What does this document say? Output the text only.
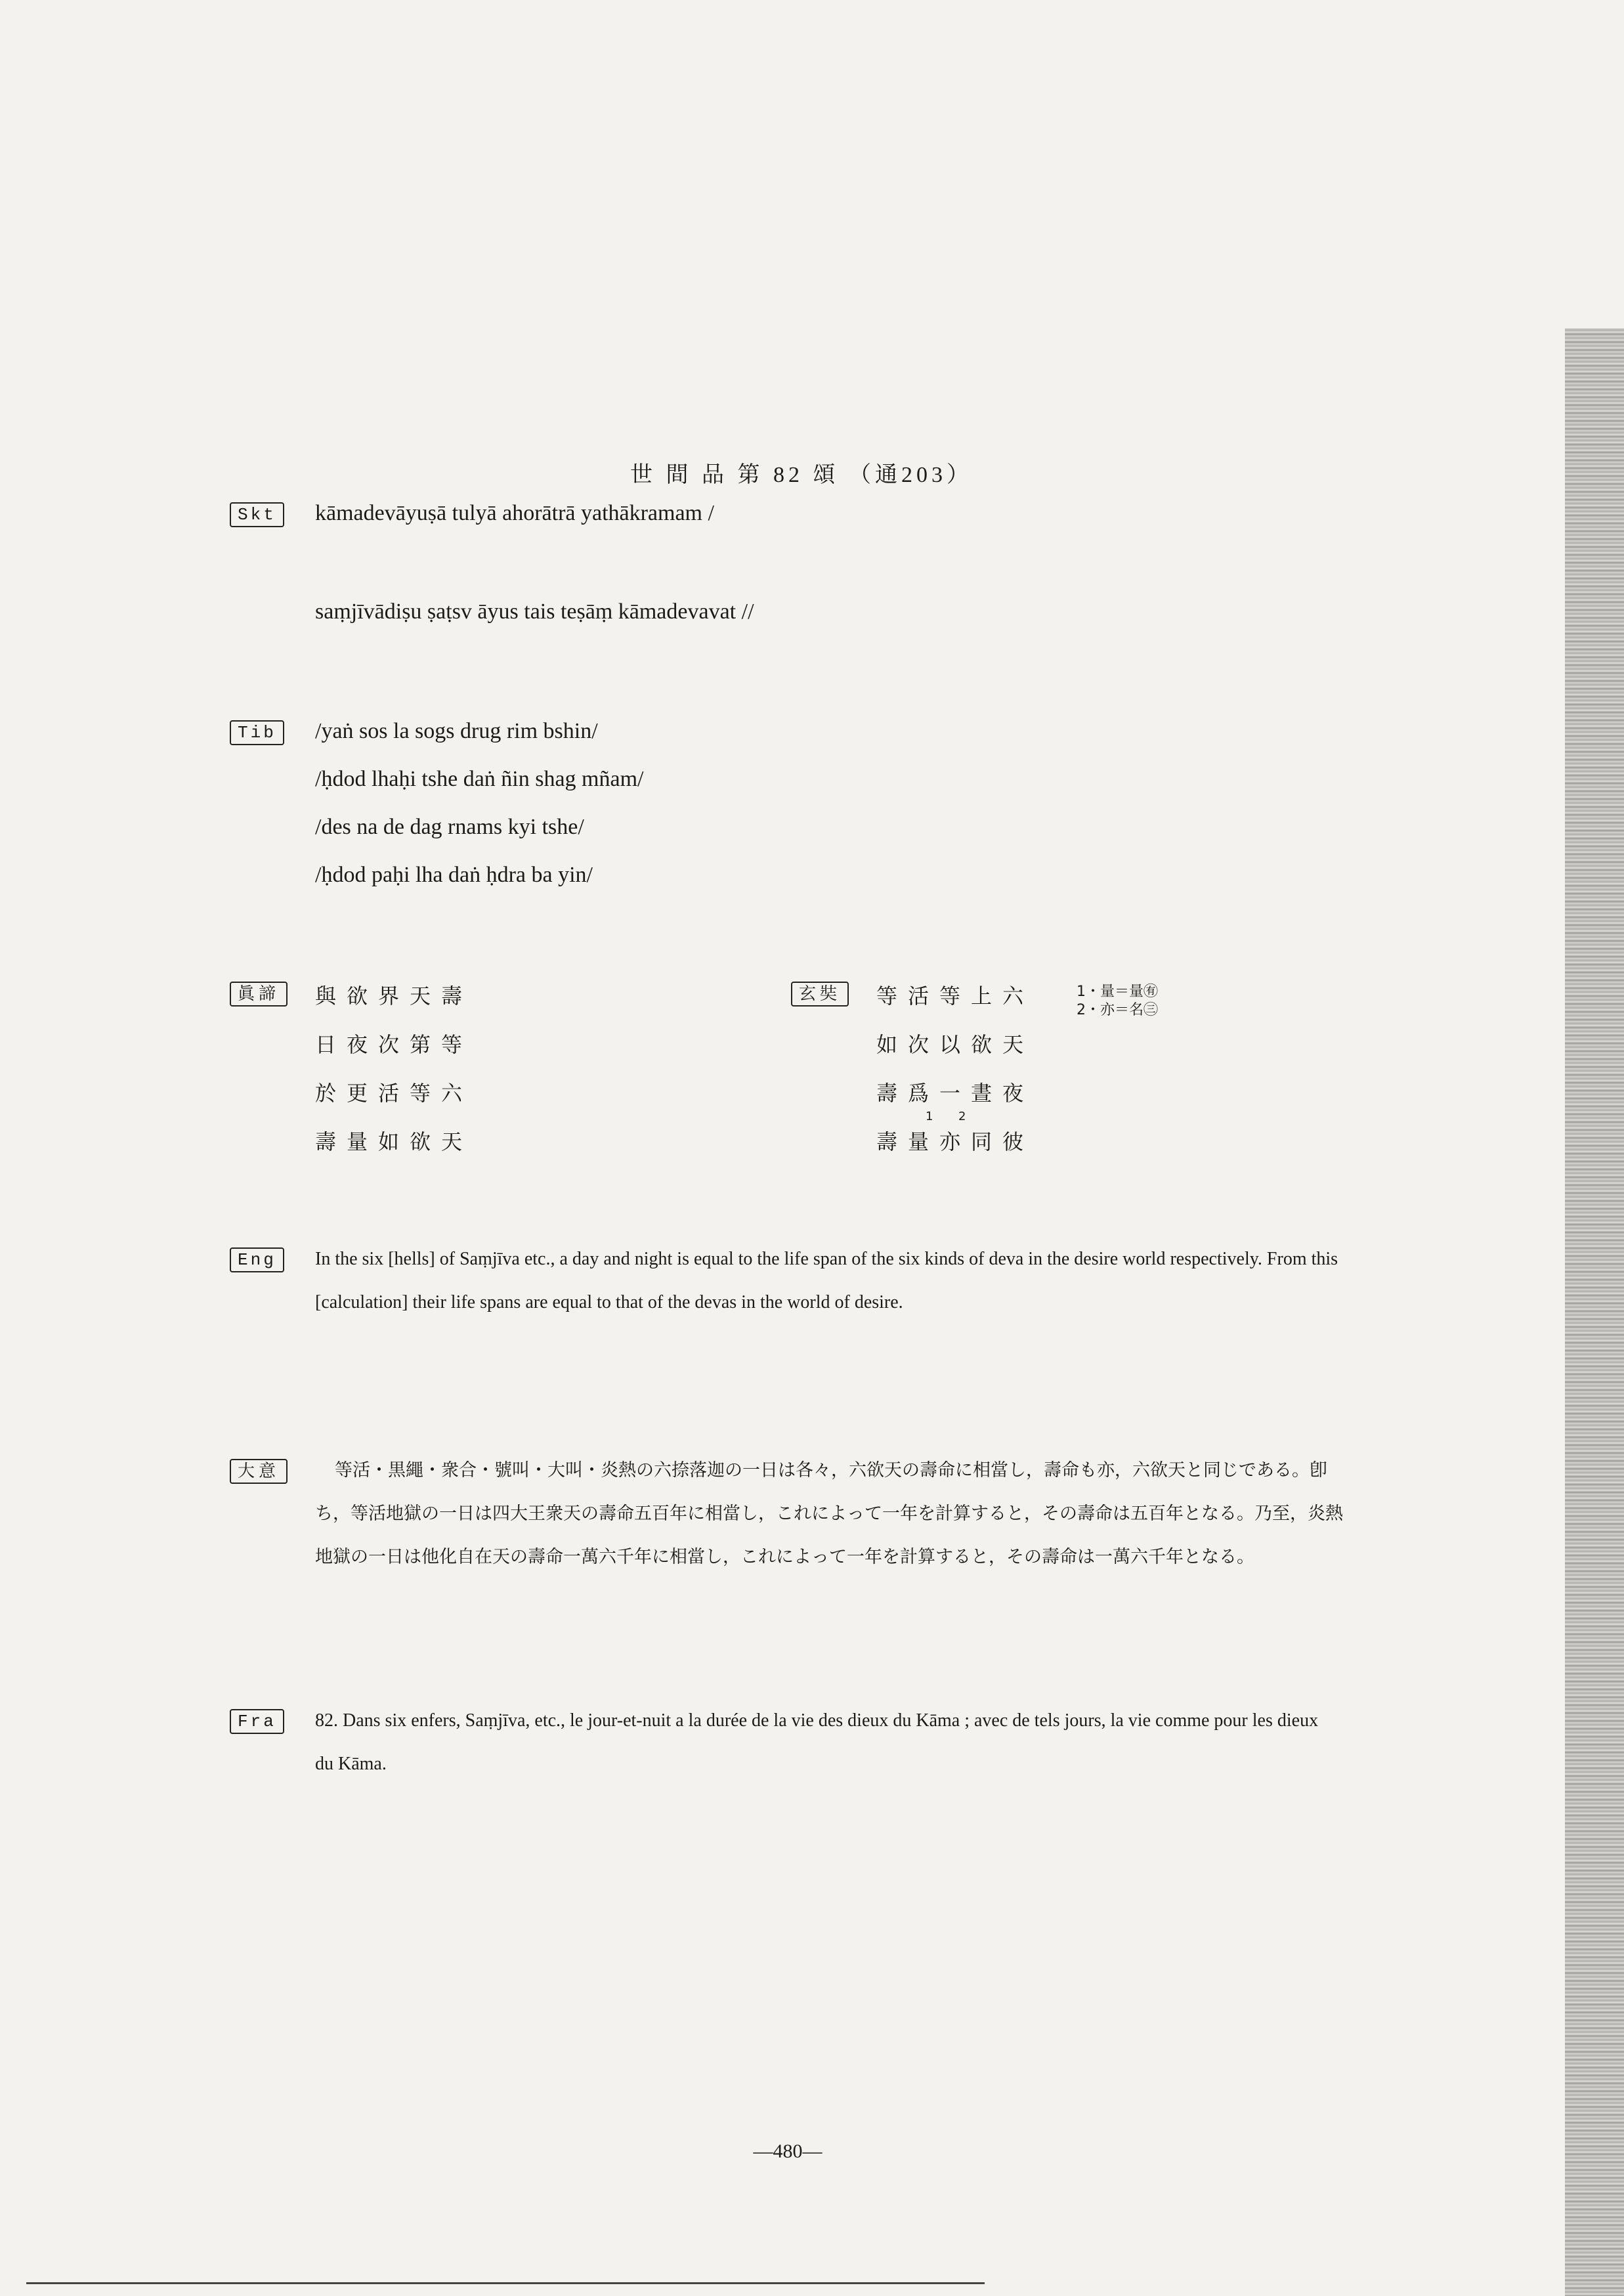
世 間 品 第 82 頌 （通203）
Skt	kāmadevāyuṣā tulyā ahorātrā yathākramam /
saṃjīvādiṣu ṣaṭsv āyus tais teṣāṃ kāmadevavat //
Tib	/yaṅ sos la sogs drug rim bshin/
/ḥdod lhaḥi tshe daṅ ñin shag mñam/
/des na de dag rnams kyi tshe/
/ḥdod paḥi lha daṅ ḥdra ba yin/
眞諦	與欲界天壽
日夜次第等
於更活等六
壽量如欲天
玄奘	等活等上六
如次以欲天
壽爲一晝夜
1 2
壽量亦同彼
1・量＝量㊒
2・亦＝名㊂
Eng	In the six [hells] of Saṃjīva etc., a day and night is equal to the life span of the six kinds of deva in the desire world respectively. From this [calculation] their life spans are equal to that of the devas in the world of desire.
大意	等活・黒繩・衆合・號叫・大叫・炎熱の六捺落迦の一日は各々，六欲天の壽命に相當し，壽命も亦，六欲天と同じである。卽ち，等活地獄の一日は四大王衆天の壽命五百年に相當し，これによって一年を計算すると，その壽命は五百年となる。乃至，炎熱地獄の一日は他化自在天の壽命一萬六千年に相當し，これによって一年を計算すると，その壽命は一萬六千年となる。
Fra	82. Dans six enfers, Saṃjīva, etc., le jour-et-nuit a la durée de la vie des dieux du Kāma ; avec de tels jours, la vie comme pour les dieux du Kāma.
—480—
